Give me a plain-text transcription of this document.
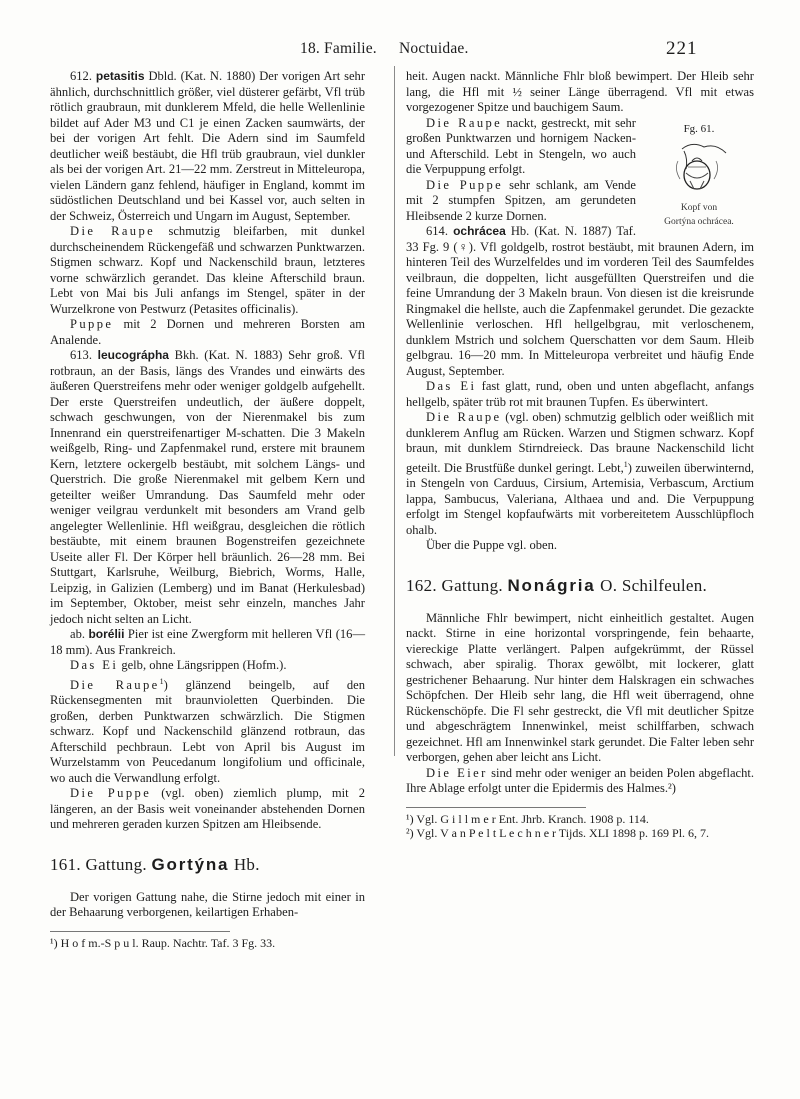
18. Familie. Noctuidae.	221

612. petasitis Dbld. (Kat. N. 1880) Der vorigen Art sehr ähnlich, durchschnittlich größer, viel düsterer gefärbt, Vfl trüb rötlich graubraun, mit dunklerem Mfeld, die helle Wellenlinie bildet auf Ader M3 und C1 je einen Zacken saumwärts, der bei der vorigen Art fehlt. Die Adern sind im Saumfeld deutlicher weiß bestäubt, die Hfl trüb graubraun, viel dunkler als bei der vorigen Art. 21—22 mm. Zerstreut in Mitteleuropa, vielen Ländern ganz fehlend, häufiger in England, kommt im südöstlichen Deutschland und bei Kassel vor, auch selten in der Schweiz, Österreich und Ungarn im August, September.

Die Raupe schmutzig bleifarben, mit dunkel durchscheinendem Rückengefäß und schwarzen Punktwarzen. Stigmen schwarz. Kopf und Nackenschild braun, letzteres vorne schwärzlich gerandet. Das kleine Afterschild braun. Lebt von Mai bis Juli anfangs im Stengel, später in der Wurzelkrone von Pestwurz (Petasites officinalis).

Puppe mit 2 Dornen und mehreren Borsten am Analende.

613. leucográpha Bkh. (Kat. N. 1883) Sehr groß. Vfl rotbraun, an der Basis, längs des Vrandes und einwärts des äußeren Querstreifens mehr oder weniger goldgelb aufgehellt. Der erste Querstreifen undeutlich, der äußere doppelt, schwach geschwungen, von der Nierenmakel bis zum Innenrand ein querstreifenartiger M-schatten. Die 3 Makeln weißgelb, Ring- und Zapfenmakel rund, erstere mit braunem Kern, letztere ockergelb bestäubt, mit solchem Längs- und Querstrich. Die große Nierenmakel mit gelbem Kern und geteilter weißer Umrandung. Das Saumfeld mehr oder weniger veilgrau verdunkelt mit besonders am Vrand gelb angelegter Wellenlinie. Hfl weißgrau, desgleichen die rötlich bestäubte, mit einem braunen Bogenstreifen gezeichnete Useite aller Fl. Der Körper hell bräunlich. 26—28 mm. Bei Stuttgart, Karlsruhe, Weilburg, Biebrich, Worms, Halle, Leipzig, in Galizien (Lemberg) und im Banat (Herkulesbad) im September, Oktober, meist sehr einzeln, manches Jahr jedoch nicht selten an Licht.

ab. borélii Pier ist eine Zwergform mit helleren Vfl (16—18 mm). Aus Frankreich.

Das Ei gelb, ohne Längsrippen (Hofm.).

Die Raupe$^1$) glänzend beingelb, auf den Rückensegmenten mit braunvioletten Querbinden. Die großen, derben Punktwarzen schwärzlich. Die Stigmen schwarz. Kopf und Nackenschild glänzend rotbraun, das Afterschild pechbraun. Lebt von April bis August im Wurzelstamm von Peucedanum longifolium und officinale, wo auch die Verwandlung erfolgt.

Die Puppe (vgl. oben) ziemlich plump, mit 2 längeren, an der Basis weit voneinander abstehenden Dornen und mehreren geraden kurzen Spitzen am Hleibsende.

161. Gattung. Gortýna Hb.

Der vorigen Gattung nahe, die Stirne jedoch mit einer in der Behaarung verborgenen, keilartigen Erhaben-

¹) H o f m.-S p u l. Raup. Nachtr. Taf. 3 Fg. 33.

heit. Augen nackt. Männliche Fhlr bloß bewimpert. Der Hleib sehr lang, die Hfl mit ½ seiner Länge überragend. Vfl mit etwas vorgezogener Spitze und bauchigem Saum.

Fg. 61.

Kopf von

Gortýna ochrácea.

Die Raupe nackt, gestreckt, mit sehr großen Punktwarzen und hornigem Nacken- und Afterschild. Lebt in Stengeln, wo auch die Verpuppung erfolgt.

Die Puppe sehr schlank, am Vende mit 2 stumpfen Spitzen, am gerundeten Hleibsende 2 kurze Dornen.

614. ochrácea Hb. (Kat. N. 1887) Taf. 33 Fg. 9 (♀). Vfl goldgelb, rostrot bestäubt, mit braunen Adern, im hinteren Teil des Wurzelfeldes und im vorderen Teil des Saumfeldes veilbraun, die doppelten, licht ausgefüllten Querstreifen und die feine Umrandung der 3 Makeln braun. Von diesen ist die kreisrunde Ringmakel die hellste, auch die Zapfenmakel gerundet. Die gezackte Wellenlinie verloschen. Hfl hellgelbgrau, mit verloschenem, dunklem Mstrich und solchem Querschatten vor dem Saum. Hleib gelbgrau. 16—20 mm. In Mitteleuropa verbreitet und häufig Ende August, September.

Das Ei fast glatt, rund, oben und unten abgeflacht, anfangs hellgelb, später trüb rot mit braunen Tupfen. Es überwintert.

Die Raupe (vgl. oben) schmutzig gelblich oder weißlich mit dunklerem Anflug am Rücken. Warzen und Stigmen schwarz. Kopf braun, mit dunklem Stirndreieck. Das braune Nackenschild licht geteilt. Die Brustfüße dunkel geringt. Lebt,$^1$) zuweilen überwinternd, in Stengeln von Carduus, Cirsium, Artemisia, Verbascum, Arctium lappa, Sambucus, Valeriana, Althaea und and. Die Verpuppung erfolgt im Stengel kopfaufwärts mit vorbereitetem Ausschlüpfloch ohalb.

Über die Puppe vgl. oben.

162. Gattung. Nonágria O. Schilfeulen.

Männliche Fhlr bewimpert, nicht einheitlich gestaltet. Augen nackt. Stirne in eine horizontal vorspringende, fein behaarte, viereckige Platte verlängert. Palpen aufgekrümmt, der Rüssel schwach, aber spiralig. Thorax gewölbt, mit lockerer, glatt gestrichener Behaarung. Nur hinter dem Halskragen ein schwaches Schöpfchen. Der Hleib sehr lang, die Hfl weit überragend, ohne Rückenschöpfe. Die Fl sehr gestreckt, die Vfl mit deutlicher Spitze und abgeschrägtem Innenwinkel, meist schilffarben, schwach gezeichnet. Hfl am Innenwinkel stark gerundet. Die Falter leben sehr verborgen, gehen aber leicht ans Licht.

Die Eier sind mehr oder weniger an beiden Polen abgeflacht. Ihre Ablage erfolgt unter die Epidermis des Halmes.²)

¹) Vgl. G i l l m e r Ent. Jhrb. Kranch. 1908 p. 114.

²) Vgl. V a n P e l t L e c h n e r Tijds. XLI 1898 p. 169 Pl. 6, 7.
